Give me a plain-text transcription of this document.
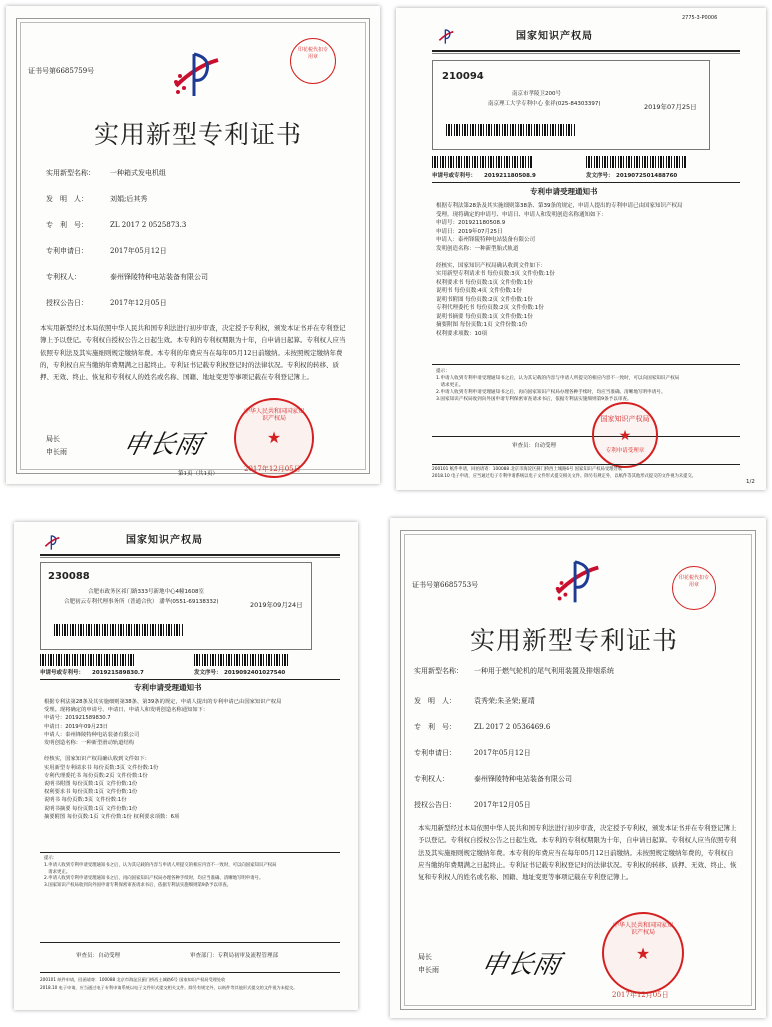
证书号第6685759号
印花税代扣专用章
实用新型专利证书
实用新型名称： 一种箱式发电机组
发　明　人：	刘娟;后其秀
专　利　号：	ZL 2017 2 0525873.3
专利申请日：	2017年05月12日
专利权人：	泰州锋陵特种电站装备有限公司
授权公告日：	2017年12月05日
本实用新型经过本局依照中华人民共和国专利法进行初步审查，决定授予专利权，颁发本证书并在专利登记簿上予以登记。专利权自授权公告之日起生效。本专利的专利权期限为十年，自申请日起算。专利权人应当依照专利法及其实施细则规定缴纳年费。本专利的年费应当在每年05月12日前缴纳。未按照规定缴纳年费的，专利权自应当缴纳年费期满之日起终止。专利证书记载专利权登记时的法律状况。专利权的转移、质押、无效、终止、恢复和专利权人的姓名或名称、国籍、地址变更等事项记载在专利登记簿上。
局长
申长雨 申长雨
中华人民共和国国家知识产权局
★
2017年12月05日
第1页（共1页）
2775-3-P0006
国家知识产权局
210094
南京市孝陵卫200号
南京理工大学专利中心 张祥(025-84303397)	2019年07月25日
申请号或专利号： 201921180508.9	发文序号： 2019072501488760
专利申请受理通知书
根据专利法第28条及其实施细则第38条、第39条的规定，申请人提出的专利申请已由国家知识产权局
受理。现将确定的申请号、申请日、申请人和发明创造名称通知如下：
申请号：201921180508.9
申请日：2019年07月25日
申请人：泰州锋陵特种电站装备有限公司
发明创造名称：一种新型胎式轨道

经核实，国家知识产权局确认收到文件如下：
实用新型专利请求书 每份页数:3页 文件份数:1份
权利要求书 每份页数:1页 文件份数:1份
说明书 每份页数:4页 文件份数:1份
说明书附图 每份页数:2页 文件份数:1份
专利代理委托书 每份页数:2页 文件份数:1份
说明书摘要 每份页数:1页 文件份数:1份
摘要附图 每份页数:1页 文件份数:1份
权利要求项数：10项
提示：
1.申请人收到专利申请受理通知书之后，认为其记载的内容与申请人所提交的相应内容不一致时，可以向国家知识产权局
请求更正。
2.申请人收到专利申请受理通知书之后，再向国家知识产权局办理各种手续时，均应当准确、清晰地写明申请号。
3.国家知识产权局收到向外国申请专利保密审查请求书后，依据专利法实施细则第9条予以审查。
审查员：自动受理
国家知识产权局
★
专利申请受理章
200101 纸件申请，回函请寄：100088 北京市海淀区蓟门桥西土城路6号 国家知识产权局受理处收
2018.10 电子申请，应当通过电子专利申请系统以电子文件形式提交相关文件。除另有规定外，以纸件等其他形式提交的文件视为未提交。
1/2
国家知识产权局
230088
合肥市政务区祁门路333号新地中心4幢1608室
合肥初云专利代理事务所（普通合伙） 潘华(0551-69138332)	2019年09月24日
申请号或专利号： 201921589830.7	发文序号： 2019092401027540
专利申请受理通知书
根据专利法第28条及其实施细则第38条、第39条的规定，申请人提出的专利申请已由国家知识产权局
受理。现将确定的申请号、申请日、申请人和发明创造名称通知如下：
申请号：201921589830.7
申请日：2019年09月23日
申请人：泰州锋陵特种电站装备有限公司
发明创造名称：一种新型滑动轨道结构

经核实，国家知识产权局确认收到文件如下：
实用新型专利请求书 每份页数:3页 文件份数:1份
专利代理委托书 每份页数:2页 文件份数:1份
说明书附图 每份页数:1页 文件份数:1份
权利要求书 每份页数:1页 文件份数:1份
说明书 每份页数:3页 文件份数:1份
说明书摘要 每份页数:1页 文件份数:1份
摘要附图 每份页数:1页 文件份数:1份 权利要求项数：6项
提示：
1.申请人收到专利申请受理通知书之后，认为其记载的内容与申请人所提交的相应内容不一致时，可以向国家知识产权局
请求更正。
2.申请人收到专利申请受理通知书之后，再向国家知识产权局办理各种手续时，均应当准确、清晰地写明申请号。
3.国家知识产权局收到向外国申请专利保密审查请求书后，依据专利法实施细则第9条予以审查。
审查员：自动受理	审查部门：专利局初审及流程管理部
200101 纸件申请，回函请寄：100088 北京市海淀区蓟门桥西土城路6号 国家知识产权局受理处收
2018.10 电子申请，应当通过电子专利申请系统以电子文件形式提交相关文件。除另有规定外，以纸件等其他形式提交的文件视为未提交。
证书号第6685753号
印花税代扣专用章
实用新型专利证书
实用新型名称： 一种用于燃气轮机的尾气利用装置及排烟系统
发　明　人：	袁秀荣;朱圣荣;夏靖
专　利　号：	ZL 2017 2 0536469.6
专利申请日：	2017年05月12日
专利权人：	泰州锋陵特种电站装备有限公司
授权公告日：	2017年12月05日
本实用新型经过本局依照中华人民共和国专利法进行初步审查，决定授予专利权，颁发本证书并在专利登记簿上予以登记。专利权自授权公告之日起生效。本专利的专利权期限为十年，自申请日起算。专利权人应当依照专利法及其实施细则规定缴纳年费。本专利的年费应当在每年05月12日前缴纳。未按照规定缴纳年费的，专利权自应当缴纳年费期满之日起终止。专利证书记载专利权登记时的法律状况。专利权的转移、质押、无效、终止、恢复和专利权人的姓名或名称、国籍、地址变更等事项记载在专利登记簿上。
局长
申长雨 申长雨
中华人民共和国国家知识产权局
★
2017年12月05日
